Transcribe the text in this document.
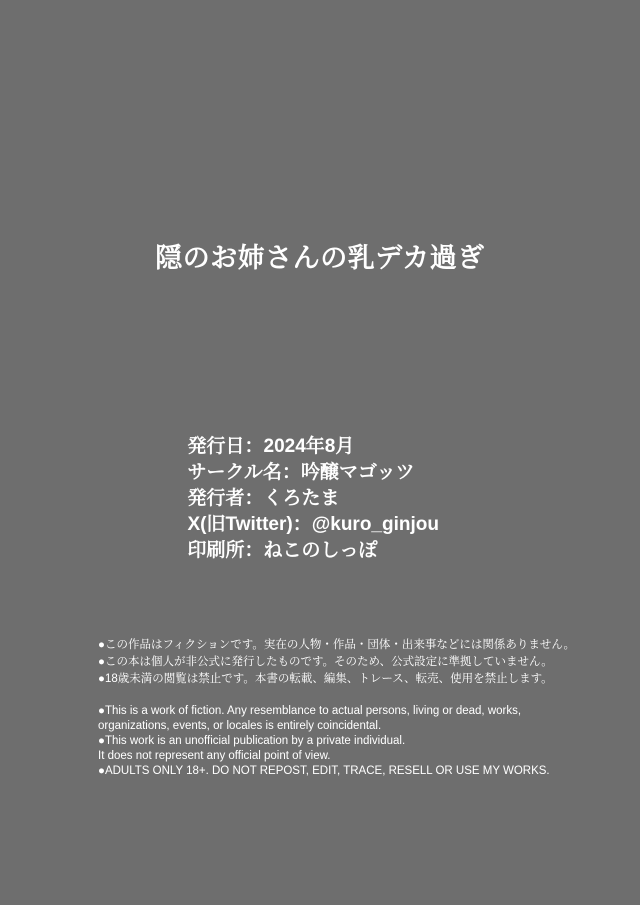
隠のお姉さんの乳デカ過ぎ
発行日：2024年8月
サークル名：吟醸マゴッツ
発行者：くろたま
X(旧Twitter)：@kuro_ginjou
印刷所：ねこのしっぽ
●この作品はフィクションです。実在の人物・作品・団体・出来事などには関係ありません。
●この本は個人が非公式に発行したものです。そのため、公式設定に準拠していません。
●18歳未満の閲覧は禁止です。本書の転載、編集、トレース、転売、使用を禁止します。
●This is a work of fiction. Any resemblance to actual persons, living or dead, works,
organizations, events, or locales is entirely coincidental.
●This work is an unofficial publication by a private individual.
It does not represent any official point of view.
●ADULTS ONLY 18+. DO NOT REPOST, EDIT, TRACE, RESELL OR USE MY WORKS.
